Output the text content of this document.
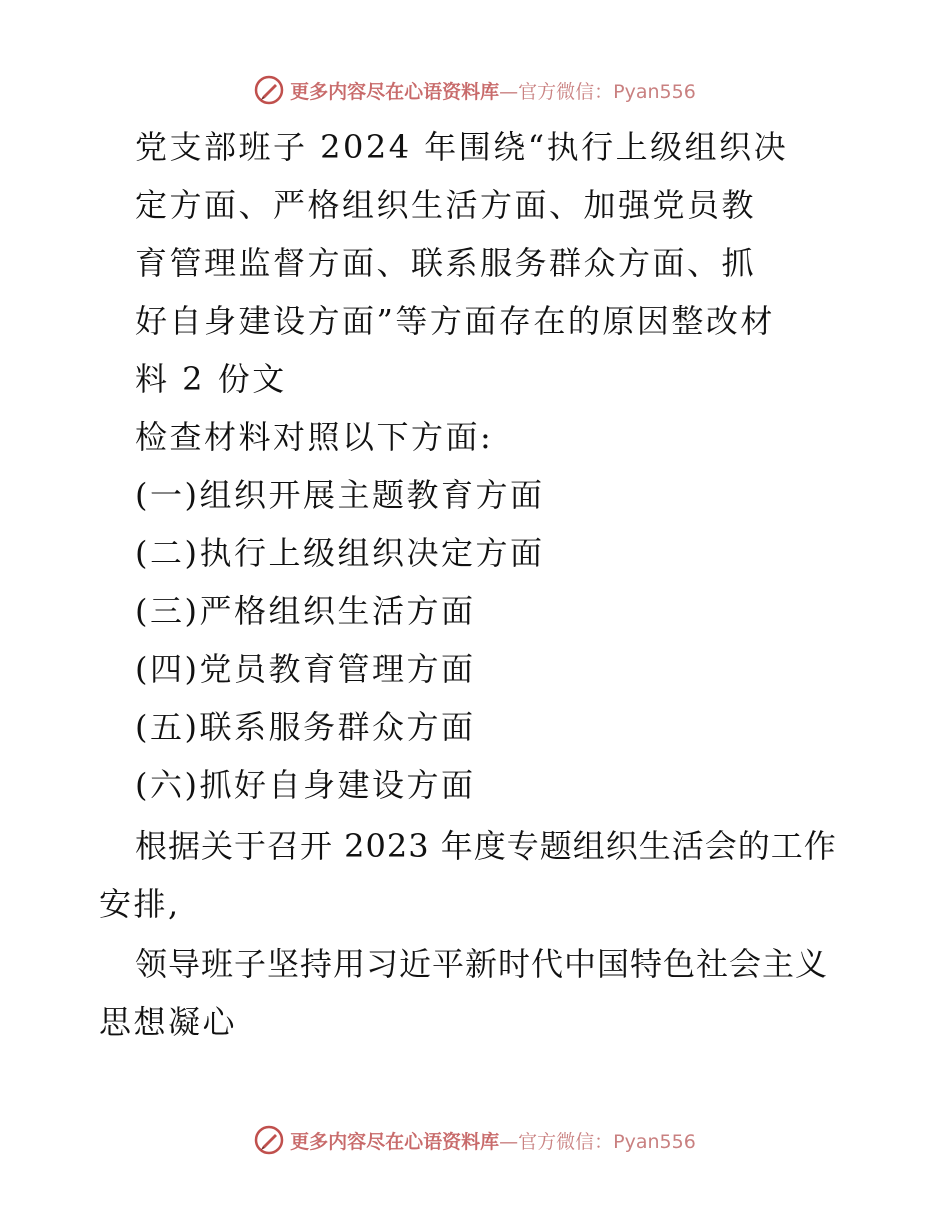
更多内容尽在心语资料库—官方微信：Pyan556
党支部班子 2024 年围绕“执行上级组织决
定方面、严格组织生活方面、加强党员教
育管理监督方面、联系服务群众方面、抓
好自身建设方面”等方面存在的原因整改材
料 2 份文
检查材料对照以下方面:
(一)组织开展主题教育方面
(二)执行上级组织决定方面
(三)严格组织生活方面
(四)党员教育管理方面
(五)联系服务群众方面
(六)抓好自身建设方面
根据关于召开 2023 年度专题组织生活会的工作
安排,
领导班子坚持用习近平新时代中国特色社会主义
思想凝心
更多内容尽在心语资料库—官方微信：Pyan556
